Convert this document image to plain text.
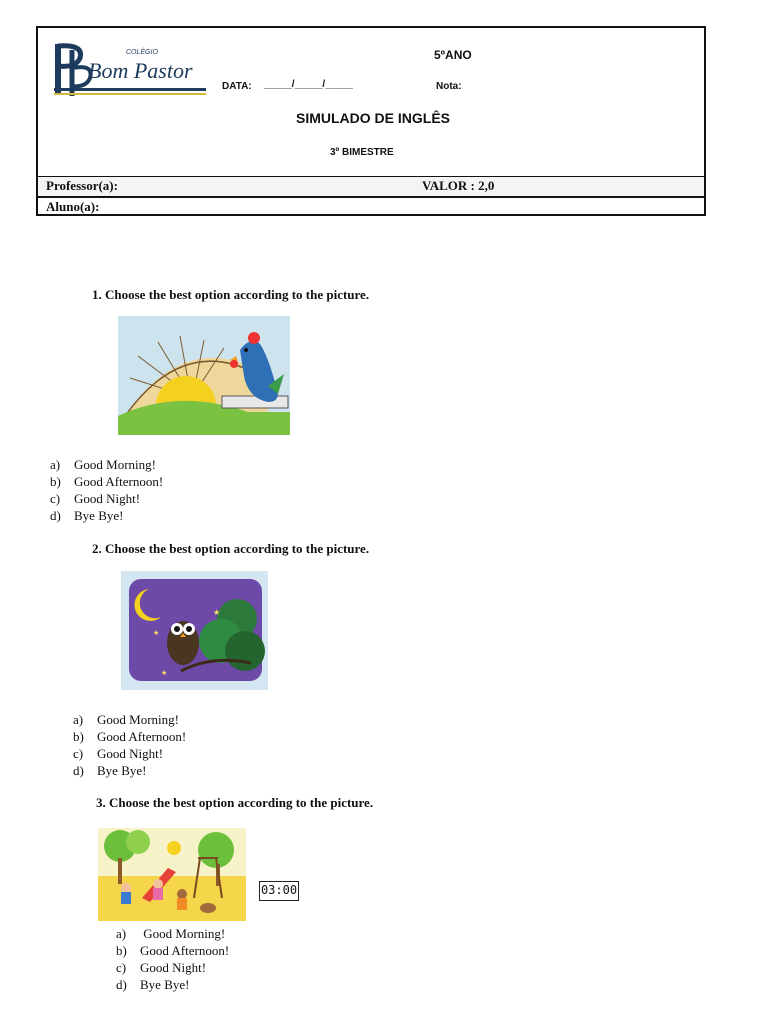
COLÉGIO
Bom Pastor
5ºANO
DATA: _____/_____/_____	Nota:
SIMULADO DE INGLÊS
3º BIMESTRE
Professor(a):	VALOR : 2,0
Aluno(a):
1. Choose the best option according to the picture.
a)	Good Morning!
b)	Good Afternoon!
c)	Good Night!
d)	Bye Bye!
2. Choose the best option according to the picture.
★
★
★
a)	Good Morning!
b)	Good Afternoon!
c)	Good Night!
d)	Bye Bye!
3. Choose the best option according to the picture.
03:00
a)	Good Morning!
b)	Good Afternoon!
c)	Good Night!
d)	Bye Bye!
